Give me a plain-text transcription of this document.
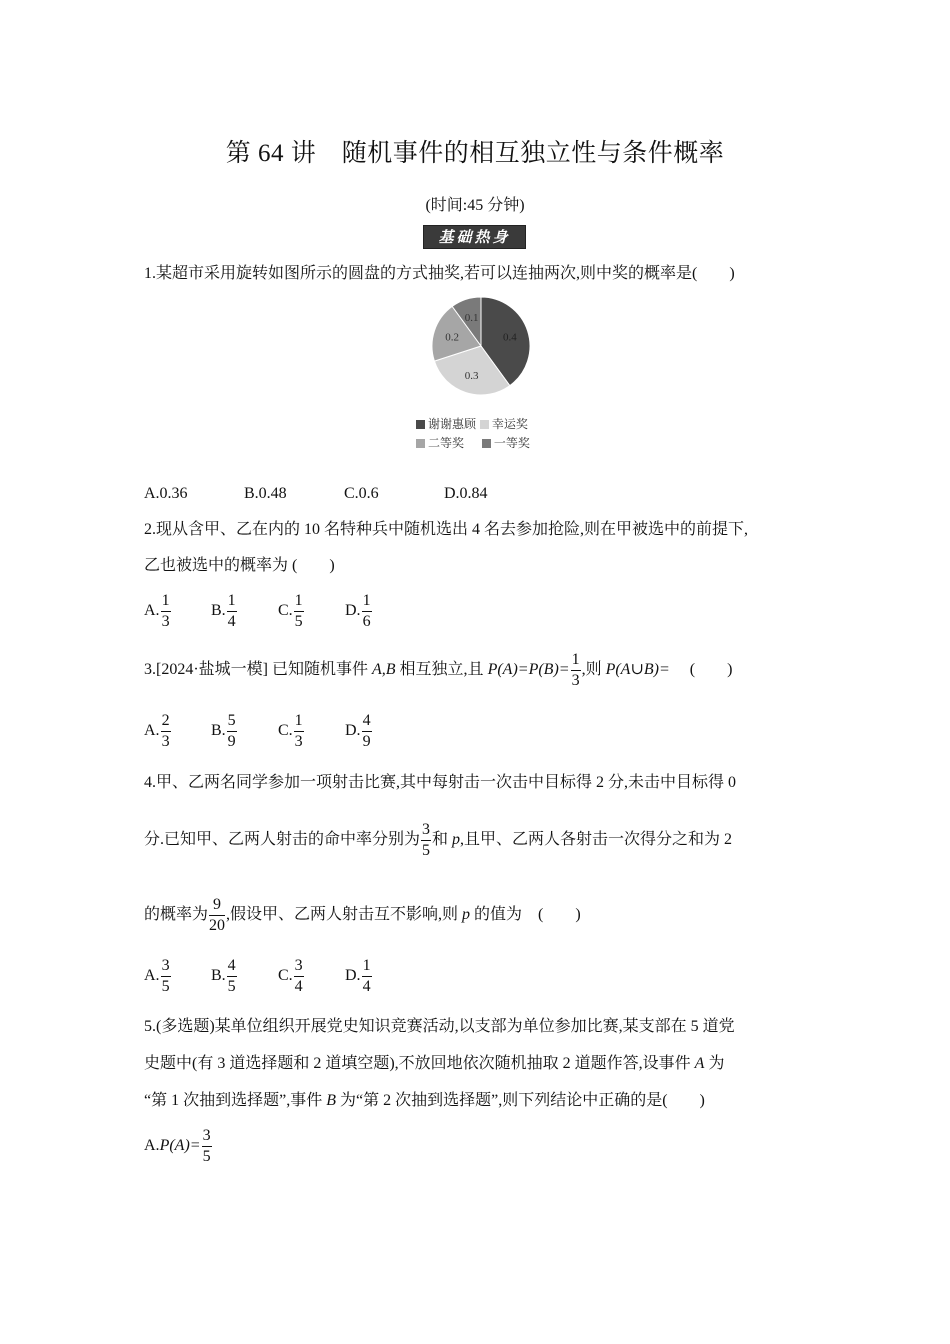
第 64 讲　随机事件的相互独立性与条件概率
(时间:45 分钟)
基础热身
1.某超市采用旋转如图所示的圆盘的方式抽奖,若可以连抽两次,则中奖的概率是(　　)
0.4
0.3
0.2
0.1
谢谢惠顾 幸运奖
二等奖 一等奖
A.0.36	B.0.48	C.0.6	D.0.84
2.现从含甲、乙在内的 10 名特种兵中随机选出 4 名去参加抢险,则在甲被选中的前提下,
乙也被选中的概率为 (　　)
A. $\frac{1}{3}$	B. $\frac{1}{4}$	C. $\frac{1}{5}$	D. $\frac{1}{6}$
3.[2024·盐城一模] 已知随机事件 A,B 相互独立,且 $P(A)=P(B)= \frac{1}{3}$ ,则 P(A∪B)=　 (　　)
A. $\frac{2}{3}$	B. $\frac{5}{9}$	C. $\frac{1}{3}$	D. $\frac{4}{9}$
4.甲、乙两名同学参加一项射击比赛,其中每射击一次击中目标得 2 分,未击中目标得 0
分.已知甲、乙两人射击的命中率分别为 $\frac{3}{5}$ 和 p,且甲、乙两人各射击一次得分之和为 2
的概率为 $\frac{9}{20}$ ,假设甲、乙两人射击互不影响,则 p 的值为　(　　)
A. $\frac{3}{5}$	B. $\frac{4}{5}$	C. $\frac{3}{4}$	D. $\frac{1}{4}$
5.(多选题)某单位组织开展党史知识竞赛活动,以支部为单位参加比赛,某支部在 5 道党
史题中(有 3 道选择题和 2 道填空题),不放回地依次随机抽取 2 道题作答,设事件 A 为
“第 1 次抽到选择题”,事件 B 为“第 2 次抽到选择题”,则下列结论中正确的是(　　)
$A.P(A)= \frac{3}{5}$
